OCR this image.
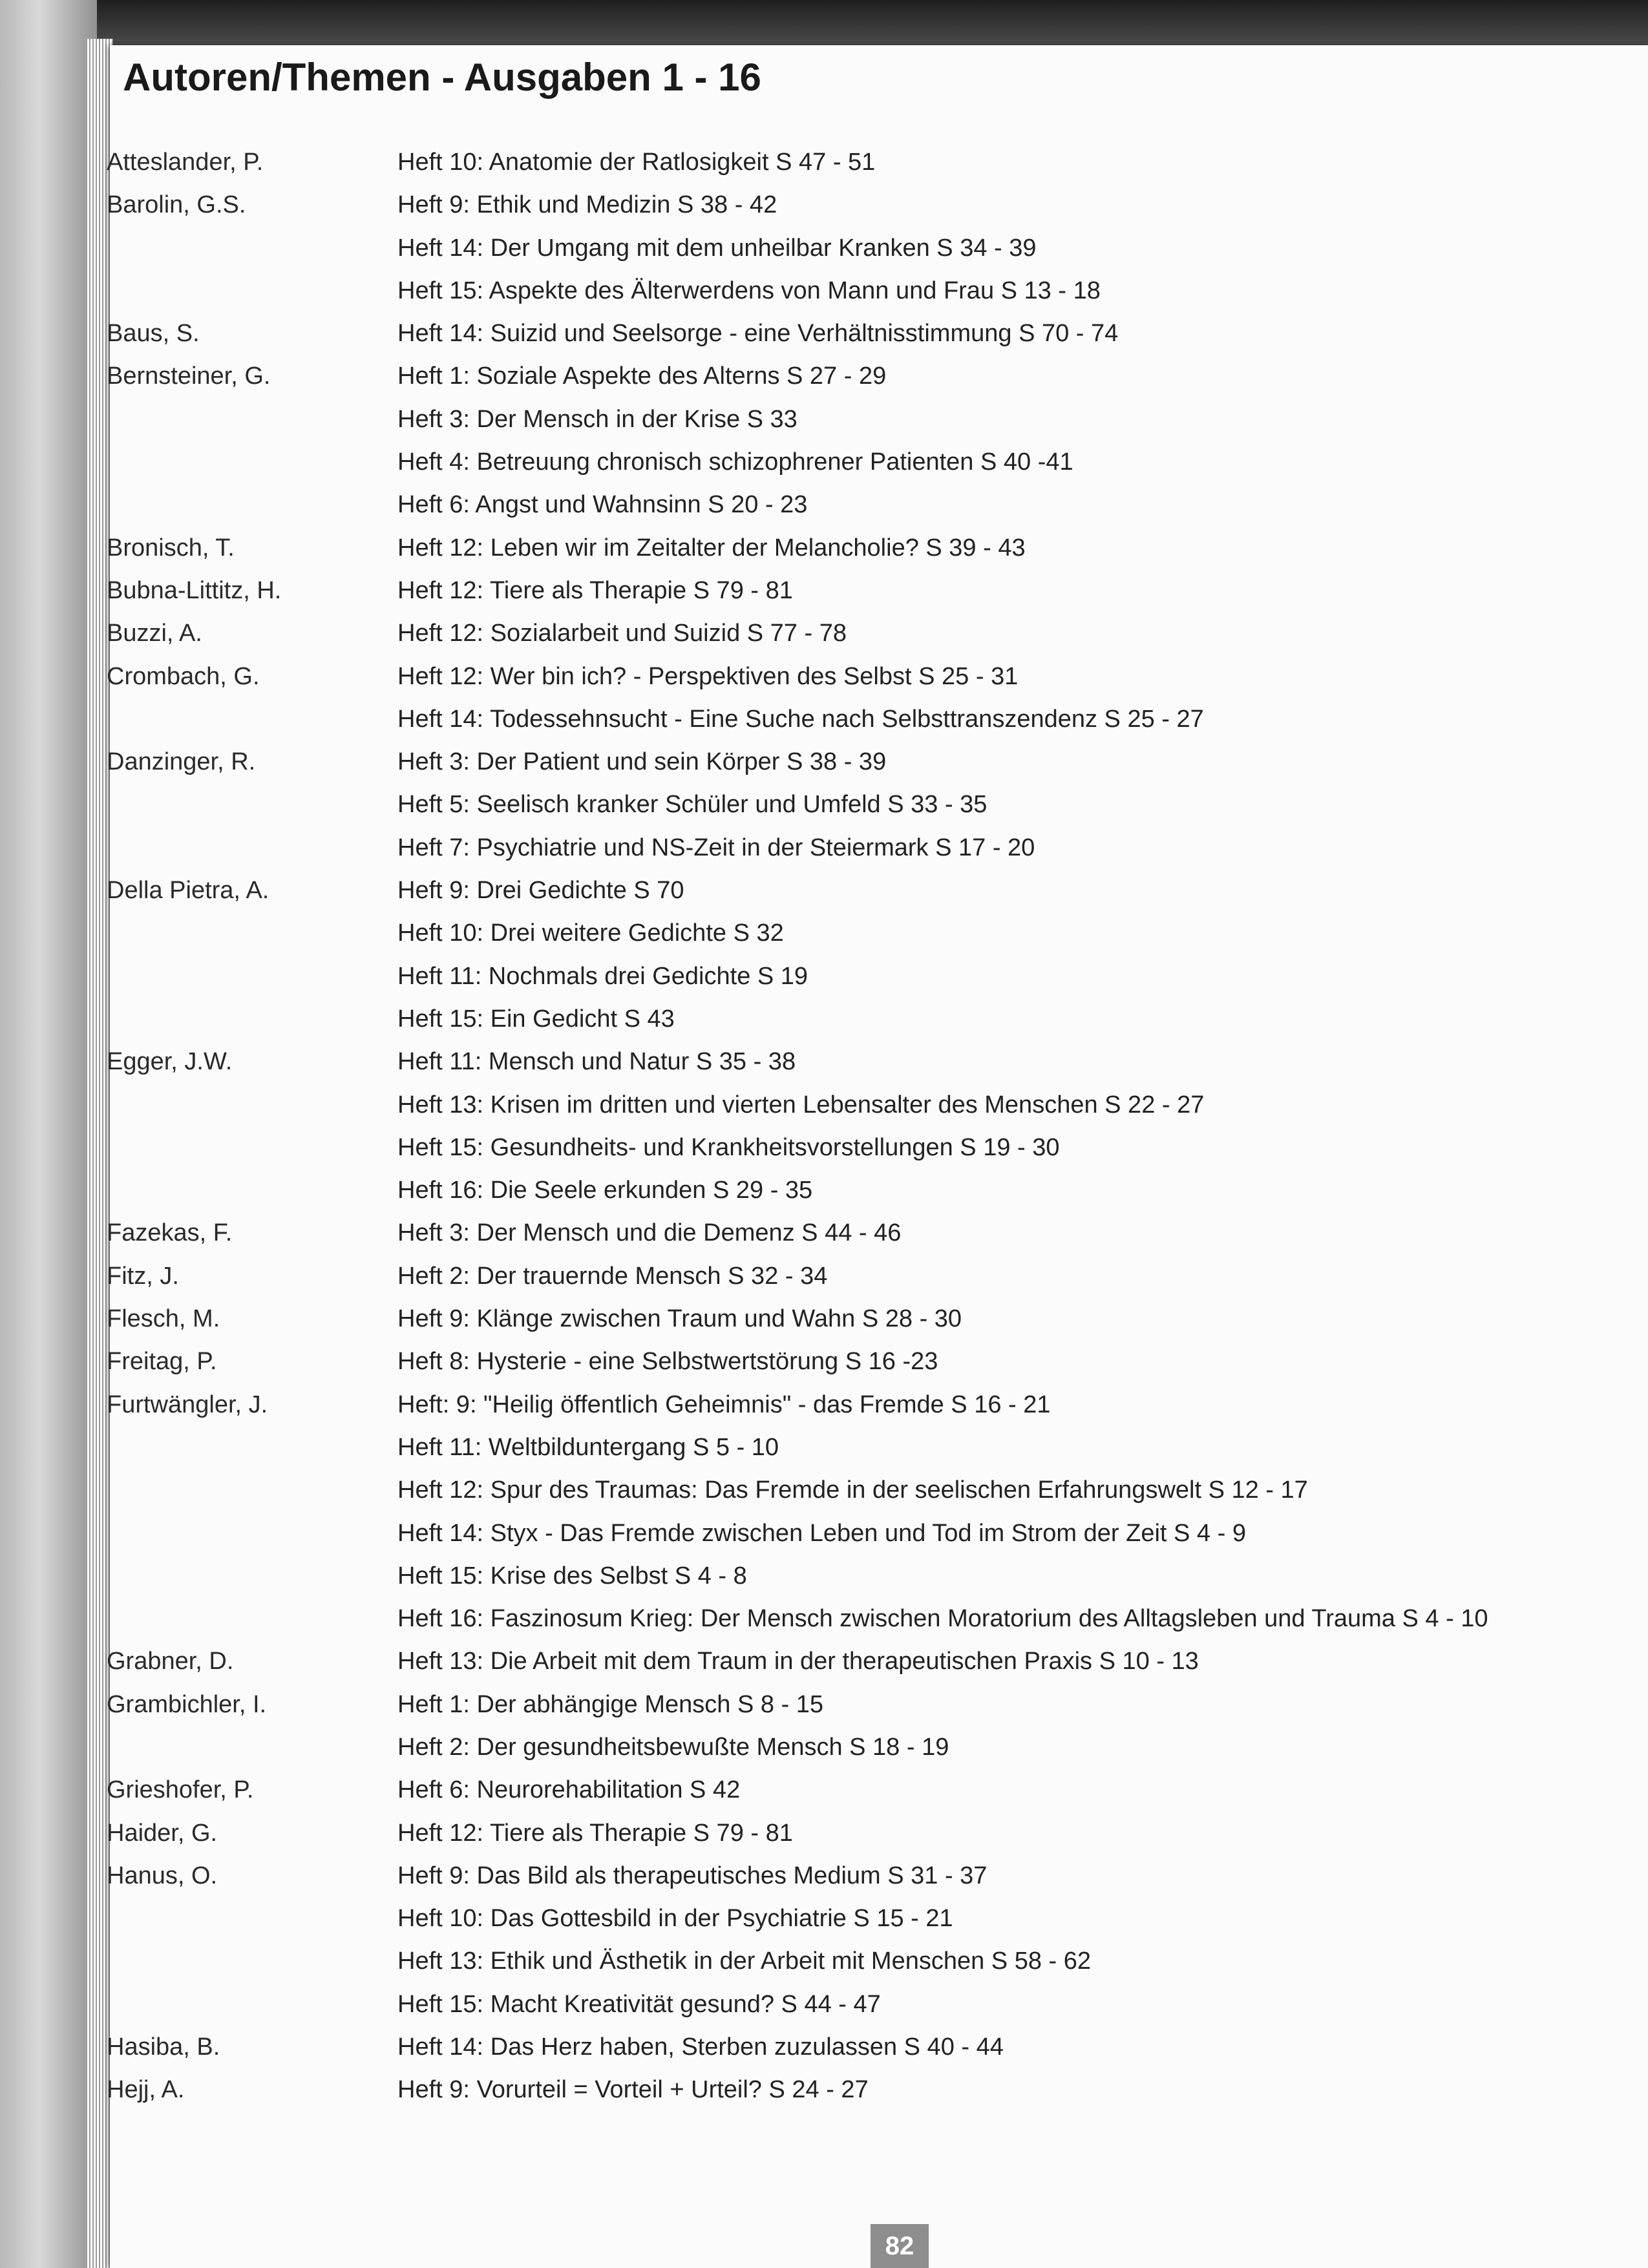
Autoren/Themen - Ausgaben 1 - 16
Atteslander, P.	Heft 10: Anatomie der Ratlosigkeit S 47 - 51
Barolin, G.S.	Heft 9: Ethik und Medizin S 38 - 42
Heft 14: Der Umgang mit dem unheilbar Kranken S 34 - 39
Heft 15: Aspekte des Älterwerdens von Mann und Frau S 13 - 18
Baus, S.	Heft 14: Suizid und Seelsorge - eine Verhältnisstimmung S 70 - 74
Bernsteiner, G.	Heft 1: Soziale Aspekte des Alterns S 27 - 29
Heft 3: Der Mensch in der Krise S 33
Heft 4: Betreuung chronisch schizophrener Patienten S 40 -41
Heft 6: Angst und Wahnsinn S 20 - 23
Bronisch, T.	Heft 12: Leben wir im Zeitalter der Melancholie? S 39 - 43
Bubna-Littitz, H.	Heft 12: Tiere als Therapie S 79 - 81
Buzzi, A.	Heft 12: Sozialarbeit und Suizid S 77 - 78
Crombach, G.	Heft 12: Wer bin ich? - Perspektiven des Selbst S 25 - 31
Heft 14: Todessehnsucht - Eine Suche nach Selbsttranszendenz S 25 - 27
Danzinger, R.	Heft 3: Der Patient und sein Körper S 38 - 39
Heft 5: Seelisch kranker Schüler und Umfeld S 33 - 35
Heft 7: Psychiatrie und NS-Zeit in der Steiermark S 17 - 20
Della Pietra, A.	Heft 9: Drei Gedichte S 70
Heft 10: Drei weitere Gedichte S 32
Heft 11: Nochmals drei Gedichte S 19
Heft 15: Ein Gedicht S 43
Egger, J.W.	Heft 11: Mensch und Natur S 35 - 38
Heft 13: Krisen im dritten und vierten Lebensalter des Menschen S 22 - 27
Heft 15: Gesundheits- und Krankheitsvorstellungen S 19 - 30
Heft 16: Die Seele erkunden S 29 - 35
Fazekas, F.	Heft 3: Der Mensch und die Demenz S 44 - 46
Fitz, J.	Heft 2: Der trauernde Mensch S 32 - 34
Flesch, M.	Heft 9: Klänge zwischen Traum und Wahn S 28 - 30
Freitag, P.	Heft 8: Hysterie - eine Selbstwertstörung S 16 -23
Furtwängler, J.	Heft: 9: "Heilig öffentlich Geheimnis" - das Fremde S 16 - 21
Heft 11: Weltbilduntergang S 5 - 10
Heft 12: Spur des Traumas: Das Fremde in der seelischen Erfahrungswelt S 12 - 17
Heft 14: Styx - Das Fremde zwischen Leben und Tod im Strom der Zeit S 4 - 9
Heft 15: Krise des Selbst S 4 - 8
Heft 16: Faszinosum Krieg: Der Mensch zwischen Moratorium des Alltagsleben und Trauma S 4 - 10
Grabner, D.	Heft 13: Die Arbeit mit dem Traum in der therapeutischen Praxis S 10 - 13
Grambichler, I.	Heft 1: Der abhängige Mensch S 8 - 15
Heft 2: Der gesundheitsbewußte Mensch S 18 - 19
Grieshofer, P.	Heft 6: Neurorehabilitation S 42
Haider, G.	Heft 12: Tiere als Therapie S 79 - 81
Hanus, O.	Heft 9: Das Bild als therapeutisches Medium S 31 - 37
Heft 10: Das Gottesbild in der Psychiatrie S 15 - 21
Heft 13: Ethik und Ästhetik in der Arbeit mit Menschen S 58 - 62
Heft 15: Macht Kreativität gesund? S 44 - 47
Hasiba, B.	Heft 14: Das Herz haben, Sterben zuzulassen S 40 - 44
Hejj, A.	Heft 9: Vorurteil = Vorteil + Urteil? S 24 - 27
82
